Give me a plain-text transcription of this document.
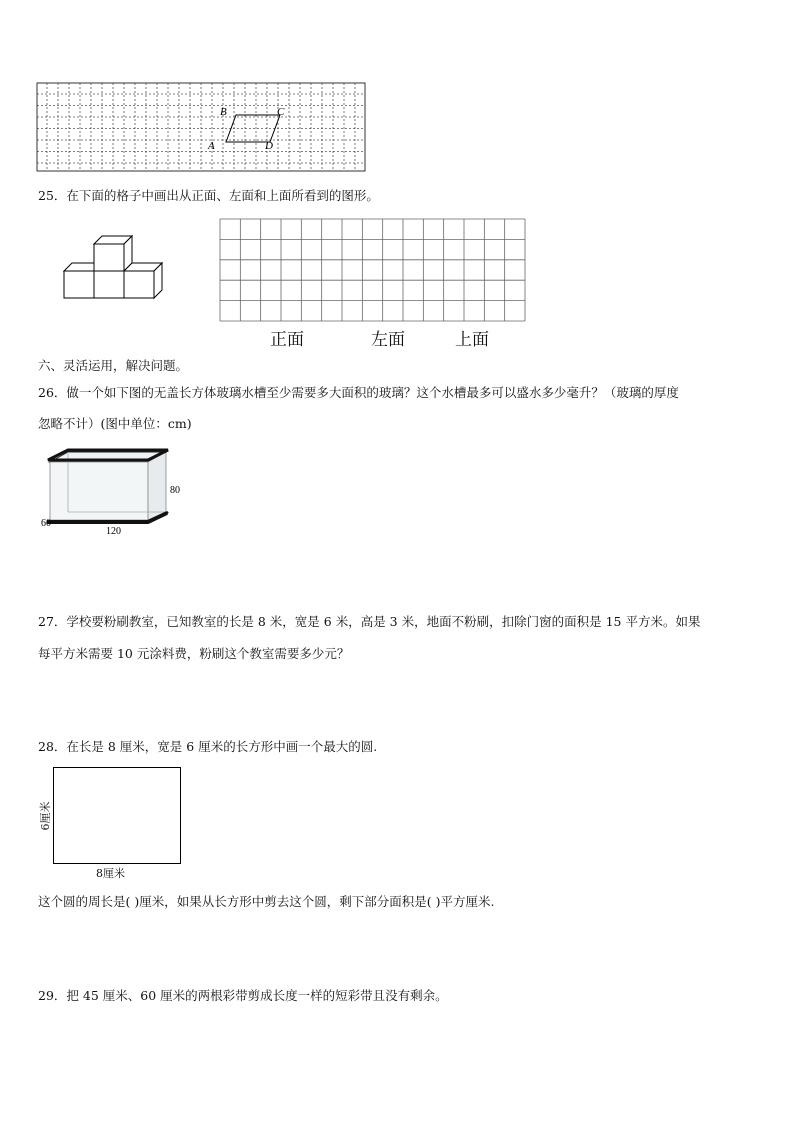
A
B	C
D
25．在下面的格子中画出从正面、左面和上面所看到的图形。
正面	左面	上面
六、灵活运用，解决问题。
26．做一个如下图的无盖长方体玻璃水槽至少需要多大面积的玻璃？这个水槽最多可以盛水多少毫升？（玻璃的厚度
忽略不计）(图中单位：cm)
80
60
120
27．学校要粉刷教室，已知教室的长是 8 米，宽是 6 米，高是 3 米，地面不粉刷，扣除门窗的面积是 15 平方米。如果
每平方米需要 10 元涂料费，粉刷这个教室需要多少元？
28．在长是 8 厘米，宽是 6 厘米的长方形中画一个最大的圆.
6厘米
8厘米
这个圆的周长是( )厘米，如果从长方形中剪去这个圆，剩下部分面积是( )平方厘米.
29．把 45 厘米、60 厘米的两根彩带剪成长度一样的短彩带且没有剩余。
